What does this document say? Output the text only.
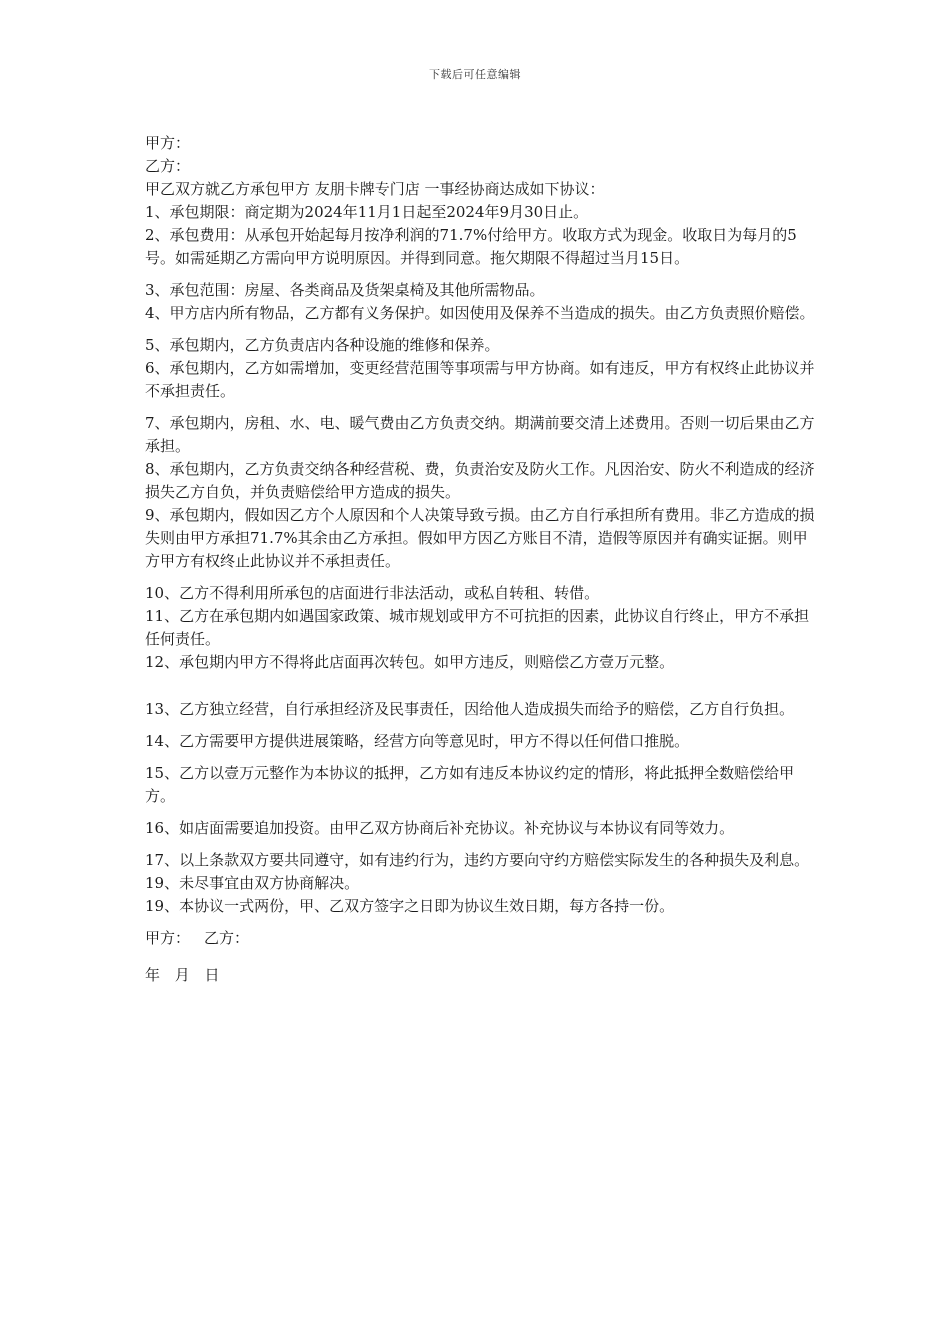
下载后可任意编辑

甲方：

乙方：

甲乙双方就乙方承包甲方 友朋卡牌专门店 一事经协商达成如下协议：

1、承包期限：商定期为2024年11月1日起至2024年9月30日止。

2、承包费用：从承包开始起每月按净利润的71.7%付给甲方。收取方式为现金。收取日为每月的5号。如需延期乙方需向甲方说明原因。并得到同意。拖欠期限不得超过当月15日。

3、承包范围：房屋、各类商品及货架桌椅及其他所需物品。

4、甲方店内所有物品，乙方都有义务保护。如因使用及保养不当造成的损失。由乙方负责照价赔偿。

5、承包期内，乙方负责店内各种设施的维修和保养。

6、承包期内，乙方如需增加，变更经营范围等事项需与甲方协商。如有违反，甲方有权终止此协议并不承担责任。

7、承包期内，房租、水、电、暖气费由乙方负责交纳。期满前要交清上述费用。否则一切后果由乙方承担。

8、承包期内，乙方负责交纳各种经营税、费，负责治安及防火工作。凡因治安、防火不利造成的经济损失乙方自负，并负责赔偿给甲方造成的损失。

9、承包期内，假如因乙方个人原因和个人决策导致亏损。由乙方自行承担所有费用。非乙方造成的损失则由甲方承担71.7%其余由乙方承担。假如甲方因乙方账目不清，造假等原因并有确实证据。则甲方甲方有权终止此协议并不承担责任。

10、乙方不得利用所承包的店面进行非法活动，或私自转租、转借。

11、乙方在承包期内如遇国家政策、城市规划或甲方不可抗拒的因素，此协议自行终止，甲方不承担任何责任。

12、承包期内甲方不得将此店面再次转包。如甲方违反，则赔偿乙方壹万元整。

13、乙方独立经营，自行承担经济及民事责任，因给他人造成损失而给予的赔偿，乙方自行负担。

14、乙方需要甲方提供进展策略，经营方向等意见时，甲方不得以任何借口推脱。

15、乙方以壹万元整作为本协议的抵押，乙方如有违反本协议约定的情形，将此抵押全数赔偿给甲方。

16、如店面需要追加投资。由甲乙双方协商后补充协议。补充协议与本协议有同等效力。

17、以上条款双方要共同遵守，如有违约行为，违约方要向守约方赔偿实际发生的各种损失及利息。

19、未尽事宜由双方协商解决。

19、本协议一式两份，甲、乙双方签字之日即为协议生效日期，每方各持一份。

甲方： 乙方：

年 月 日
